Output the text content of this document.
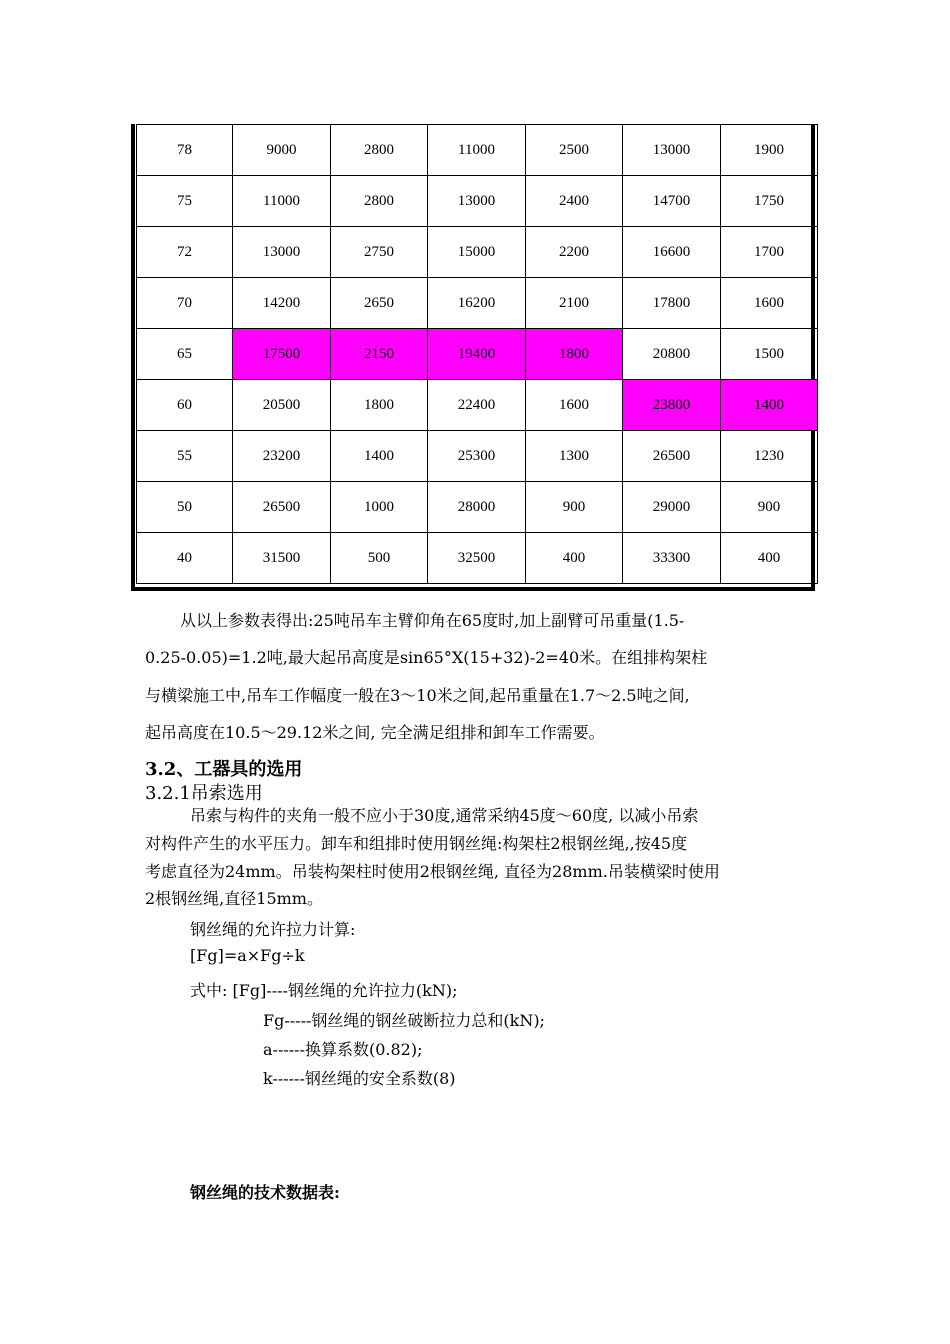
78	9000	2800	11000	2500	13000	1900
75	11000	2800	13000	2400	14700	1750
72	13000	2750	15000	2200	16600	1700
70	14200	2650	16200	2100	17800	1600
65	17500	2150	19400	1800	20800	1500
60	20500	1800	22400	1600	23800	1400
55	23200	1400	25300	1300	26500	1230
50	26500	1000	28000	900	29000	900
40	31500	500	32500	400	33300	400
从以上参数表得出:25吨吊车主臂仰角在65度时,加上副臂可吊重量(1.5-
0.25-0.05)=1.2吨,最大起吊高度是sin65°X(15+32)-2=40米。在组排构架柱
与横梁施工中,吊车工作幅度一般在3～10米之间,起吊重量在1.7～2.5吨之间,
起吊高度在10.5～29.12米之间, 完全满足组排和卸车工作需要。
3.2、工器具的选用
3.2.1吊索选用
吊索与构件的夹角一般不应小于30度,通常采纳45度～60度, 以减小吊索
对构件产生的水平压力。卸车和组排时使用钢丝绳:构架柱2根钢丝绳,,按45度
考虑直径为24mm。吊装构架柱时使用2根钢丝绳, 直径为28mm.吊装横梁时使用
2根钢丝绳,直径15mm。
钢丝绳的允许拉力计算:
[Fg]=a×Fg÷k
式中: [Fg]----钢丝绳的允许拉力(kN);
Fg-----钢丝绳的钢丝破断拉力总和(kN);
a------换算系数(0.82);
k------钢丝绳的安全系数(8)
钢丝绳的技术数据表:
